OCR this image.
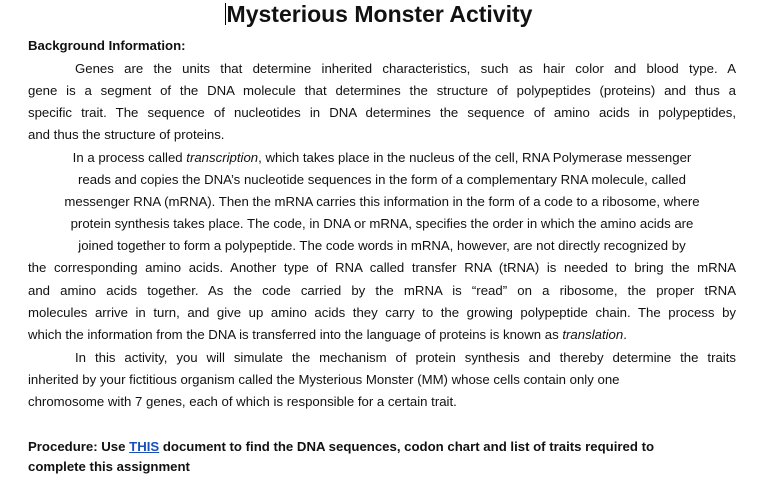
Mysterious Monster Activity
Background Information:
Genes are the units that determine inherited characteristics, such as hair color and blood type. A
gene is a segment of the DNA molecule that determines the structure of polypeptides (proteins) and thus a
specific trait. The sequence of nucleotides in DNA determines the sequence of amino acids in polypeptides,
and thus the structure of proteins.
In a process called transcription, which takes place in the nucleus of the cell, RNA Polymerase messenger
reads and copies the DNA’s nucleotide sequences in the form of a complementary RNA molecule, called
messenger RNA (mRNA). Then the mRNA carries this information in the form of a code to a ribosome, where
protein synthesis takes place. The code, in DNA or mRNA, specifies the order in which the amino acids are
joined together to form a polypeptide. The code words in mRNA, however, are not directly recognized by
the corresponding amino acids. Another type of RNA called transfer RNA (tRNA) is needed to bring the mRNA
and amino acids together. As the code carried by the mRNA is “read” on a ribosome, the proper tRNA
molecules arrive in turn, and give up amino acids they carry to the growing polypeptide chain. The process by
which the information from the DNA is transferred into the language of proteins is known as translation.
In this activity, you will simulate the mechanism of protein synthesis and thereby determine the traits
inherited by your fictitious organism called the Mysterious Monster (MM) whose cells contain only one
chromosome with 7 genes, each of which is responsible for a certain trait.
Procedure: Use THIS document to find the DNA sequences, codon chart and list of traits required to
complete this assignment
